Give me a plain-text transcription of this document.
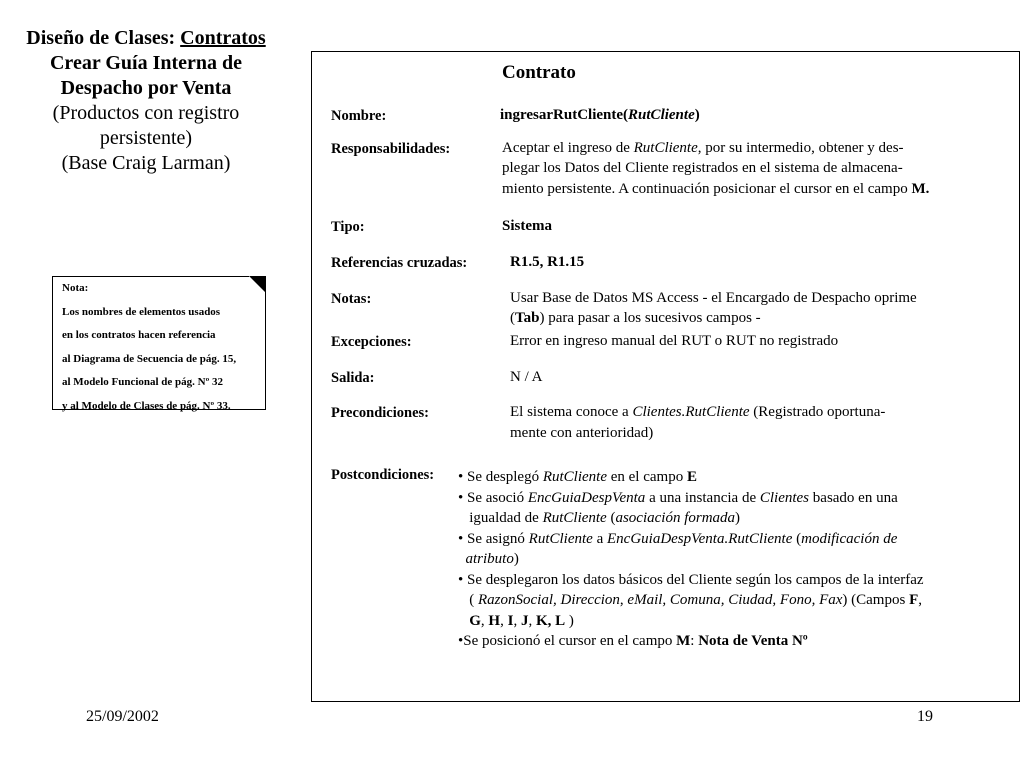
Diseño de Clases: Contratos
Crear Guía Interna de
Despacho por Venta
(Productos con registro
persistente)
(Base Craig Larman)
Nota:
Los nombres de elementos usados
en los contratos hacen referencia
al Diagrama de Secuencia de pág. 15,
al Modelo Funcional de pág. Nº 32
y al Modelo de Clases de pág. Nº 33.
Contrato
Nombre:	ingresarRutCliente(RutCliente)
Responsabilidades:	Aceptar el ingreso de RutCliente, por su intermedio, obtener y des-
plegar los Datos del Cliente registrados en el sistema de almacena-
miento persistente. A continuación posicionar el cursor en el campo M.
Tipo:	Sistema
Referencias cruzadas:	R1.5, R1.15
Notas:	Usar Base de Datos MS Access - el Encargado de Despacho oprime
(Tab) para pasar a los sucesivos campos -
Excepciones:	Error en ingreso manual del RUT o RUT no registrado
Salida:	N / A
Precondiciones:	El sistema conoce a Clientes.RutCliente (Registrado oportuna-
mente con anterioridad)
Postcondiciones: • Se desplegó RutCliente en el campo E
• Se asoció EncGuiaDespVenta a una instancia de Clientes basado en una
igualdad de RutCliente (asociación formada)
• Se asignó RutCliente a EncGuiaDespVenta.RutCliente (modificación de
atributo)
• Se desplegaron los datos básicos del Cliente según los campos de la interfaz
( RazonSocial, Direccion, eMail, Comuna, Ciudad, Fono, Fax) (Campos F,
G, H, I, J, K, L )
•Se posicionó el cursor en el campo M: Nota de Venta Nº
25/09/2002	19
